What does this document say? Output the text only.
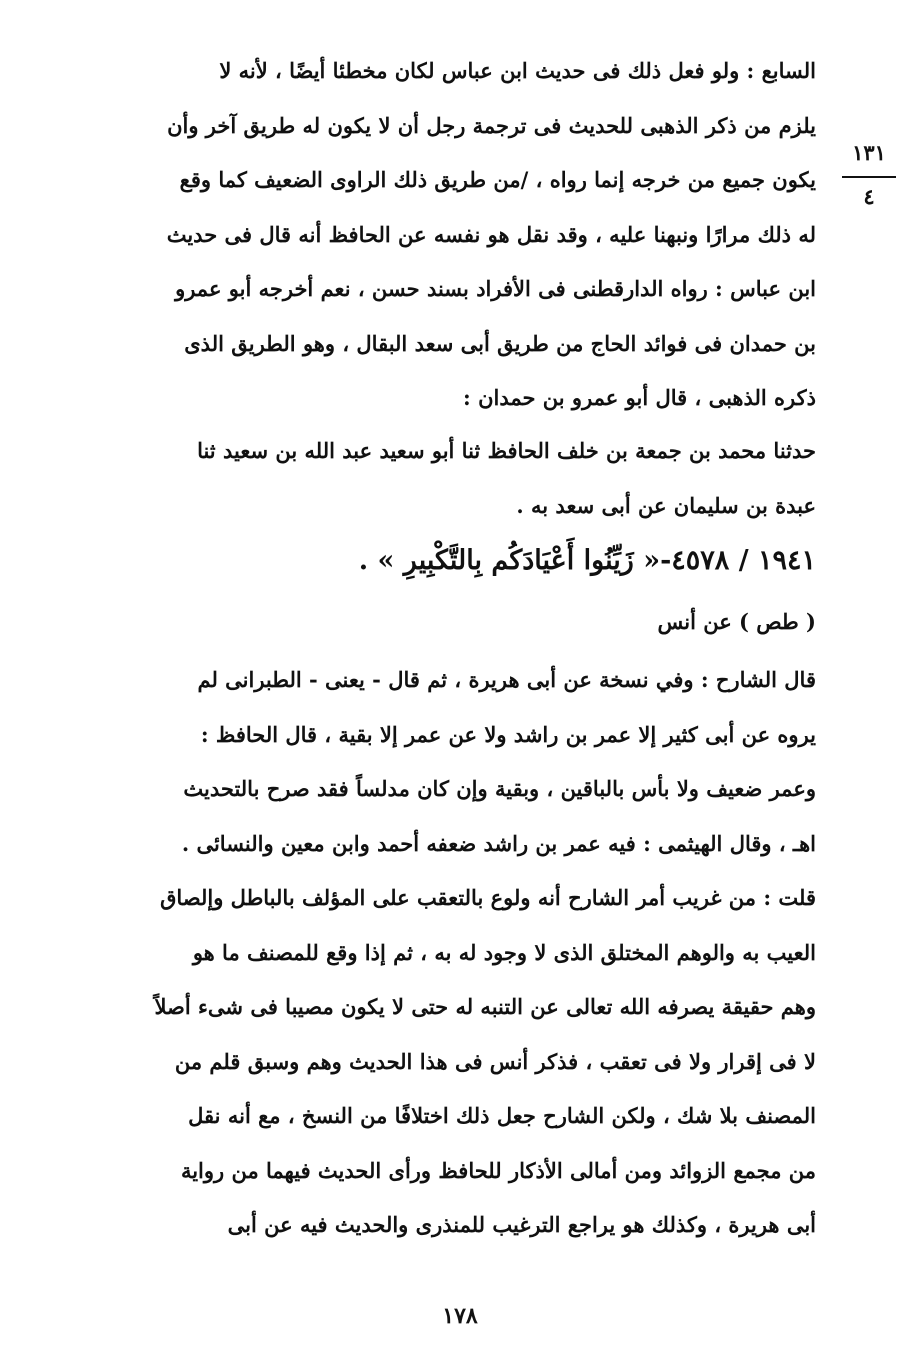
١٣١
٤
السابع : ولو فعل ذلك فى حديث ابن عباس لكان مخطئا أيضًا ، لأنه لا
يلزم من ذكر الذهبى للحديث فى ترجمة رجل أن لا يكون له طريق آخر وأن
يكون جميع من خرجه إنما رواه ، /من طريق ذلك الراوى الضعيف كما وقع
له ذلك مرارًا ونبهنا عليه ، وقد نقل هو نفسه عن الحافظ أنه قال فى حديث
ابن عباس : رواه الدارقطنى فى الأفراد بسند حسن ، نعم أخرجه أبو عمرو
بن حمدان فى فوائد الحاج من طريق أبى سعد البقال ، وهو الطريق الذى
ذكره الذهبى ، قال أبو عمرو بن حمدان :
حدثنا محمد بن جمعة بن خلف الحافظ ثنا أبو سعيد عبد الله بن سعيد ثنا
عبدة بن سليمان عن أبى سعد به .
١٩٤١ / ٤٥٧٨-« زَيِّنُوا أَعْيَادَكُم بِالتَّكْبِيرِ » .
( طص ) عن أنس
قال الشارح : وفي نسخة عن أبى هريرة ، ثم قال - يعنى - الطبرانى لم
يروه عن أبى كثير إلا عمر بن راشد ولا عن عمر إلا بقية ، قال الحافظ :
وعمر ضعيف ولا بأس بالباقين ، وبقية وإن كان مدلساً فقد صرح بالتحديث
اهـ ، وقال الهيثمى : فيه عمر بن راشد ضعفه أحمد وابن معين والنسائى .
قلت : من غريب أمر الشارح أنه ولوع بالتعقب على المؤلف بالباطل وإلصاق
العيب به والوهم المختلق الذى لا وجود له به ، ثم إذا وقع للمصنف ما هو
وهم حقيقة يصرفه الله تعالى عن التنبه له حتى لا يكون مصيبا فى شىء أصلاً
لا فى إقرار ولا فى تعقب ، فذكر أنس فى هذا الحديث وهم وسبق قلم من
المصنف بلا شك ، ولكن الشارح جعل ذلك اختلافًا من النسخ ، مع أنه نقل
من مجمع الزوائد ومن أمالى الأذكار للحافظ ورأى الحديث فيهما من رواية
أبى هريرة ، وكذلك هو يراجع الترغيب للمنذرى والحديث فيه عن أبى
١٧٨
